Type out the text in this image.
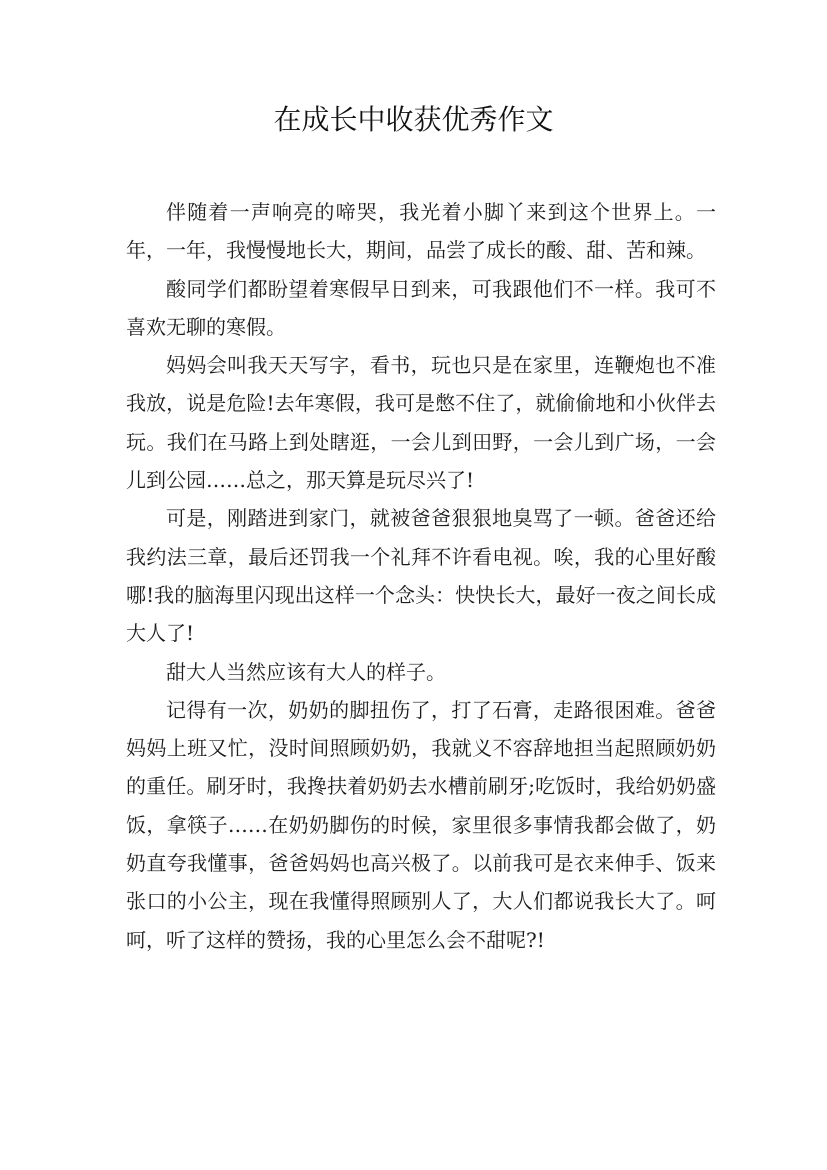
在成长中收获优秀作文

伴随着一声响亮的啼哭，我光着小脚丫来到这个世界上。一年，一年，我慢慢地长大，期间，品尝了成长的酸、甜、苦和辣。

酸同学们都盼望着寒假早日到来，可我跟他们不一样。我可不喜欢无聊的寒假。

妈妈会叫我天天写字，看书，玩也只是在家里，连鞭炮也不准我放，说是危险!去年寒假，我可是憋不住了，就偷偷地和小伙伴去玩。我们在马路上到处瞎逛，一会儿到田野，一会儿到广场，一会儿到公园……总之，那天算是玩尽兴了!

可是，刚踏进到家门，就被爸爸狠狠地臭骂了一顿。爸爸还给我约法三章，最后还罚我一个礼拜不许看电视。唉，我的心里好酸哪!我的脑海里闪现出这样一个念头：快快长大，最好一夜之间长成大人了!

甜大人当然应该有大人的样子。

记得有一次，奶奶的脚扭伤了，打了石膏，走路很困难。爸爸妈妈上班又忙，没时间照顾奶奶，我就义不容辞地担当起照顾奶奶的重任。刷牙时，我搀扶着奶奶去水槽前刷牙;吃饭时，我给奶奶盛饭，拿筷子……在奶奶脚伤的时候，家里很多事情我都会做了，奶奶直夸我懂事，爸爸妈妈也高兴极了。以前我可是衣来伸手、饭来张口的小公主，现在我懂得照顾别人了，大人们都说我长大了。呵呵，听了这样的赞扬，我的心里怎么会不甜呢?!
